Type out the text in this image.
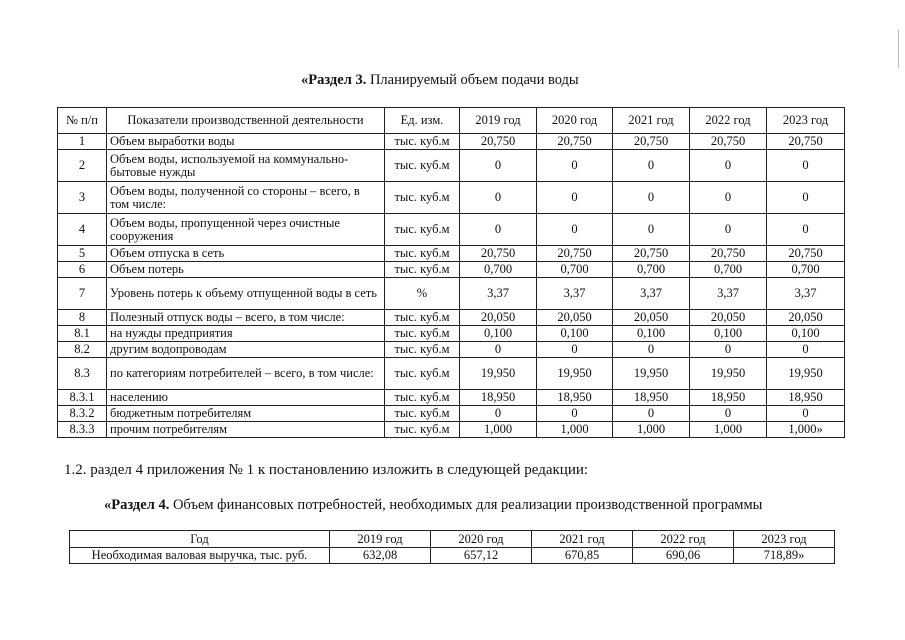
«Раздел 3. Планируемый объем подачи воды
№ п/п	Показатели производственной деятельности	Ед. изм.	2019 год	2020 год	2021 год	2022 год	2023 год
1	Объем выработки воды	тыс. куб.м	20,750	20,750	20,750	20,750	20,750
2	Объем воды, используемой на коммунально-бытовые нужды	тыс. куб.м	0	0	0	0	0
3	Объем воды, полученной со стороны – всего, в том числе:	тыс. куб.м	0	0	0	0	0
4	Объем воды, пропущенной через очистные сооружения	тыс. куб.м	0	0	0	0	0
5	Объем отпуска в сеть	тыс. куб.м	20,750	20,750	20,750	20,750	20,750
6	Объем потерь	тыс. куб.м	0,700	0,700	0,700	0,700	0,700
7	Уровень потерь к объему отпущенной воды в сеть	%	3,37	3,37	3,37	3,37	3,37
8	Полезный отпуск воды – всего, в том числе:	тыс. куб.м	20,050	20,050	20,050	20,050	20,050
8.1	на нужды предприятия	тыс. куб.м	0,100	0,100	0,100	0,100	0,100
8.2	другим водопроводам	тыс. куб.м	0	0	0	0	0
8.3	по категориям потребителей – всего, в том числе:	тыс. куб.м	19,950	19,950	19,950	19,950	19,950
8.3.1	населению	тыс. куб.м	18,950	18,950	18,950	18,950	18,950
8.3.2	бюджетным потребителям	тыс. куб.м	0	0	0	0	0
8.3.3	прочим потребителям	тыс. куб.м	1,000	1,000	1,000	1,000	1,000»
1.2. раздел 4 приложения № 1 к постановлению изложить в следующей редакции:
«Раздел 4. Объем финансовых потребностей, необходимых для реализации производственной программы
Год	2019 год	2020 год	2021 год	2022 год	2023 год
Необходимая валовая выручка, тыс. руб.	632,08	657,12	670,85	690,06	718,89»
